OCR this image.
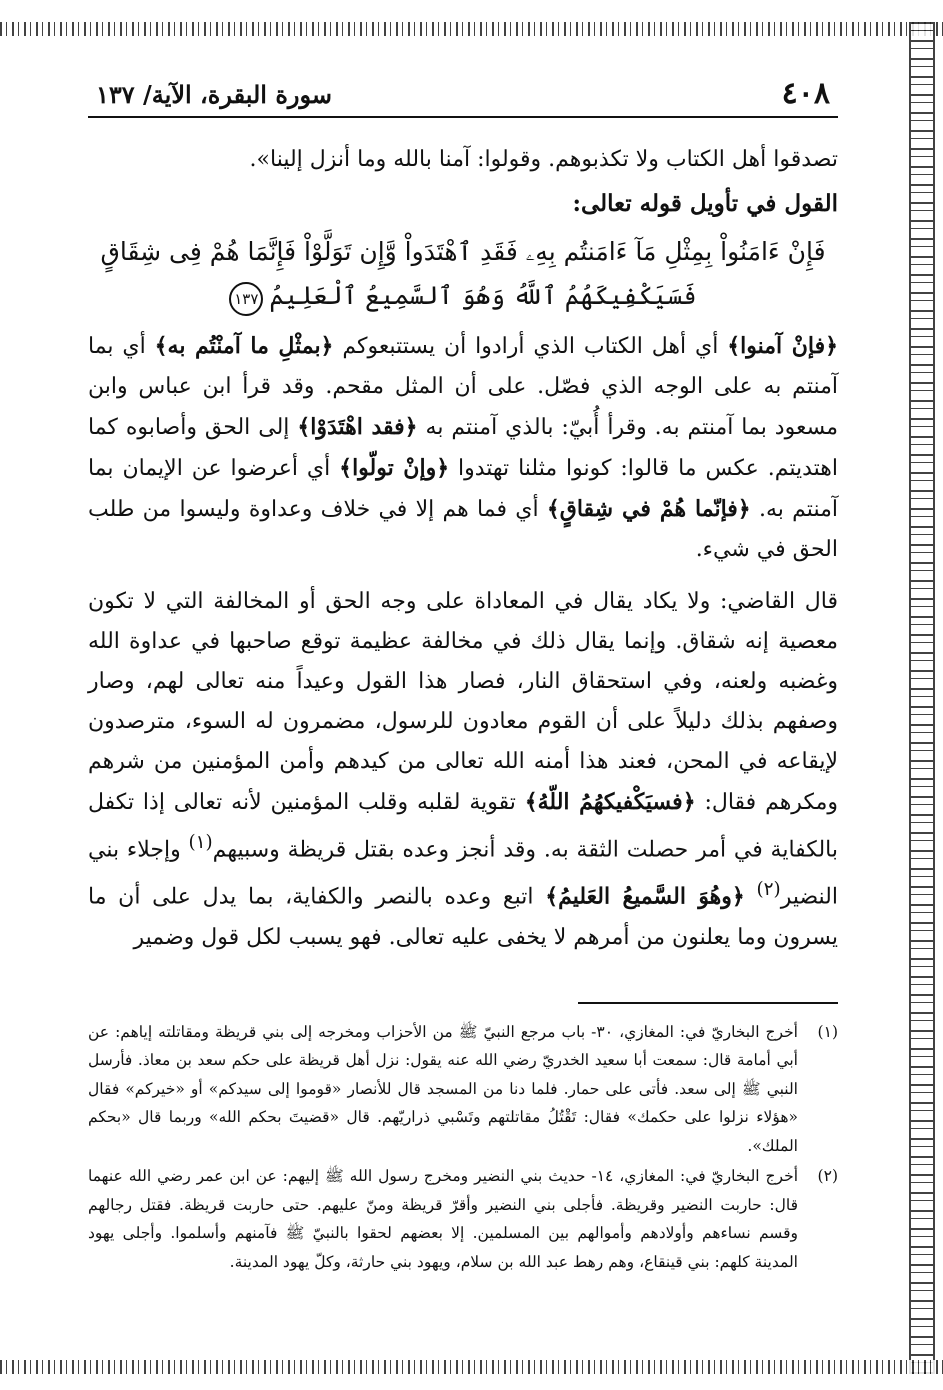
٤٠٨
سورة البقرة، الآية/ ١٣٧

تصدقوا أهل الكتاب ولا تكذبوهم. وقولوا: آمنا بالله وما أنزل إلينا».

القول في تأويل قوله تعالى:

فَإِنْ ءَامَنُواْ بِمِثْلِ مَآ ءَامَنتُم بِهِۦ فَقَدِ ٱهْتَدَواْ وَّإِن تَوَلَّوْاْ فَإِنَّمَا هُمْ فِى شِقَاقٍ
فَسَيَكْفِيكَهُمُ ٱللَّهُ وَهُوَ ٱلسَّمِيعُ ٱلْعَلِيمُ١٣٧

﴿فإنْ آمنوا﴾ أي أهل الكتاب الذي أرادوا أن يستتبعوكم ﴿بمثْلِ ما آمنْتُم به﴾ أي بما آمنتم به على الوجه الذي فصّل. على أن المثل مقحم. وقد قرأ ابن عباس وابن مسعود بما آمنتم به. وقرأ أُبيّ: بالذي آمنتم به ﴿فقد اهْتَدَوْا﴾ إلى الحق وأصابوه كما اهتديتم. عكس ما قالوا: كونوا مثلنا تهتدوا ﴿وإنْ تولّوا﴾ أي أعرضوا عن الإيمان بما آمنتم به. ﴿فإنّما هُمْ في شِقاقٍ﴾ أي فما هم إلا في خلاف وعداوة وليسوا من طلب الحق في شيء.

قال القاضي: ولا يكاد يقال في المعاداة على وجه الحق أو المخالفة التي لا تكون معصية إنه شقاق. وإنما يقال ذلك في مخالفة عظيمة توقع صاحبها في عداوة الله وغضبه ولعنه، وفي استحقاق النار، فصار هذا القول وعيداً منه تعالى لهم، وصار وصفهم بذلك دليلاً على أن القوم معادون للرسول، مضمرون له السوء، مترصدون لإيقاعه في المحن، فعند هذا أمنه الله تعالى من كيدهم وأمن المؤمنين من شرهم ومكرهم فقال: ﴿فسيَكْفيكهُمُ اللّهُ﴾ تقوية لقلبه وقلب المؤمنين لأنه تعالى إذا تكفل بالكفاية في أمر حصلت الثقة به. وقد أنجز وعده بقتل قريظة وسبيهم$^{(١)}$ وإجلاء بني النضير$^{(٢)}$ ﴿وهُوَ السَّميعُ العَليمُ﴾ اتبع وعده بالنصر والكفاية، بما يدل على أن ما يسرون وما يعلنون من أمرهم لا يخفى عليه تعالى. فهو يسبب لكل قول وضمير

(١)
أخرج البخاريّ في: المغازي، ٣٠- باب مرجع النبيّ ﷺ من الأحزاب ومخرجه إلى بني قريظة ومقاتلته إياهم: عن أبي أمامة قال: سمعت أبا سعيد الخدريّ رضي الله عنه يقول: نزل أهل قريظة على حكم سعد بن معاذ. فأرسل النبي ﷺ إلى سعد. فأتى على حمار. فلما دنا من المسجد قال للأنصار «قوموا إلى سيدكم» أو «خيركم» فقال «هؤلاء نزلوا على حكمك» فقال: تَقْتُلُ مقاتلتهم وتَسْبي ذراريّهم. قال «قضيتَ بحكم الله» وربما قال «بحكم الملك».
(٢)
أخرج البخاريّ في: المغازي، ١٤- حديث بني النضير ومخرج رسول الله ﷺ إليهم: عن ابن عمر رضي الله عنهما قال: حاربت النضير وقريظة. فأجلى بني النضير وأقرّ قريظة ومنّ عليهم. حتى حاربت قريظة. فقتل رجالهم وقسم نساءهم وأولادهم وأموالهم بين المسلمين. إلا بعضهم لحقوا بالنبيّ ﷺ فآمنهم وأسلموا. وأجلى يهود المدينة كلهم: بني قينقاع، وهم رهط عبد الله بن سلام، ويهود بني حارثة، وكلّ يهود المدينة.
